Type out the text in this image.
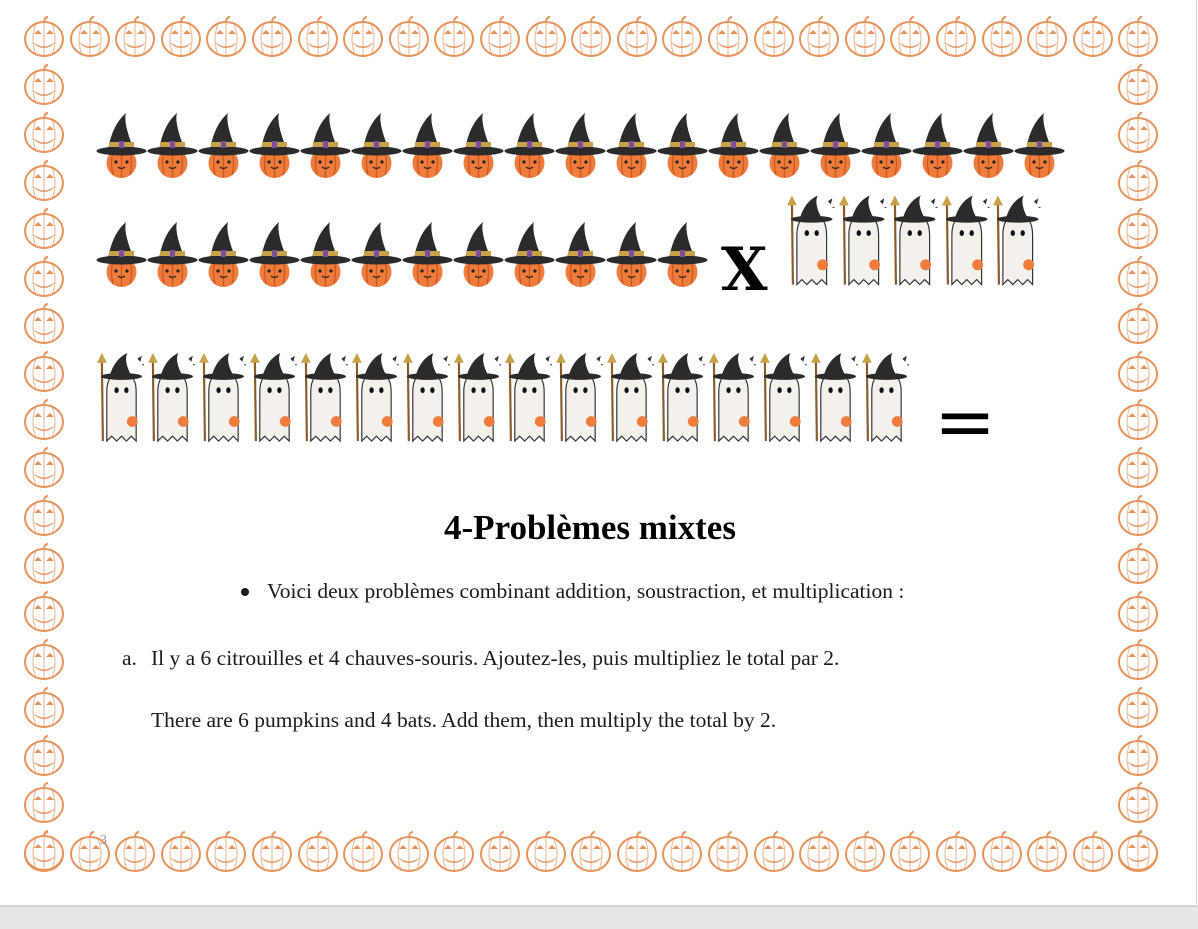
X
=
4-Problèmes mixtes
Voici deux problèmes combinant addition, soustraction, et multiplication :
a. Il y a 6 citrouilles et 4 chauves-souris. Ajoutez-les, puis multipliez le total par 2.
There are 6 pumpkins and 4 bats. Add them, then multiply the total by 2.
3
